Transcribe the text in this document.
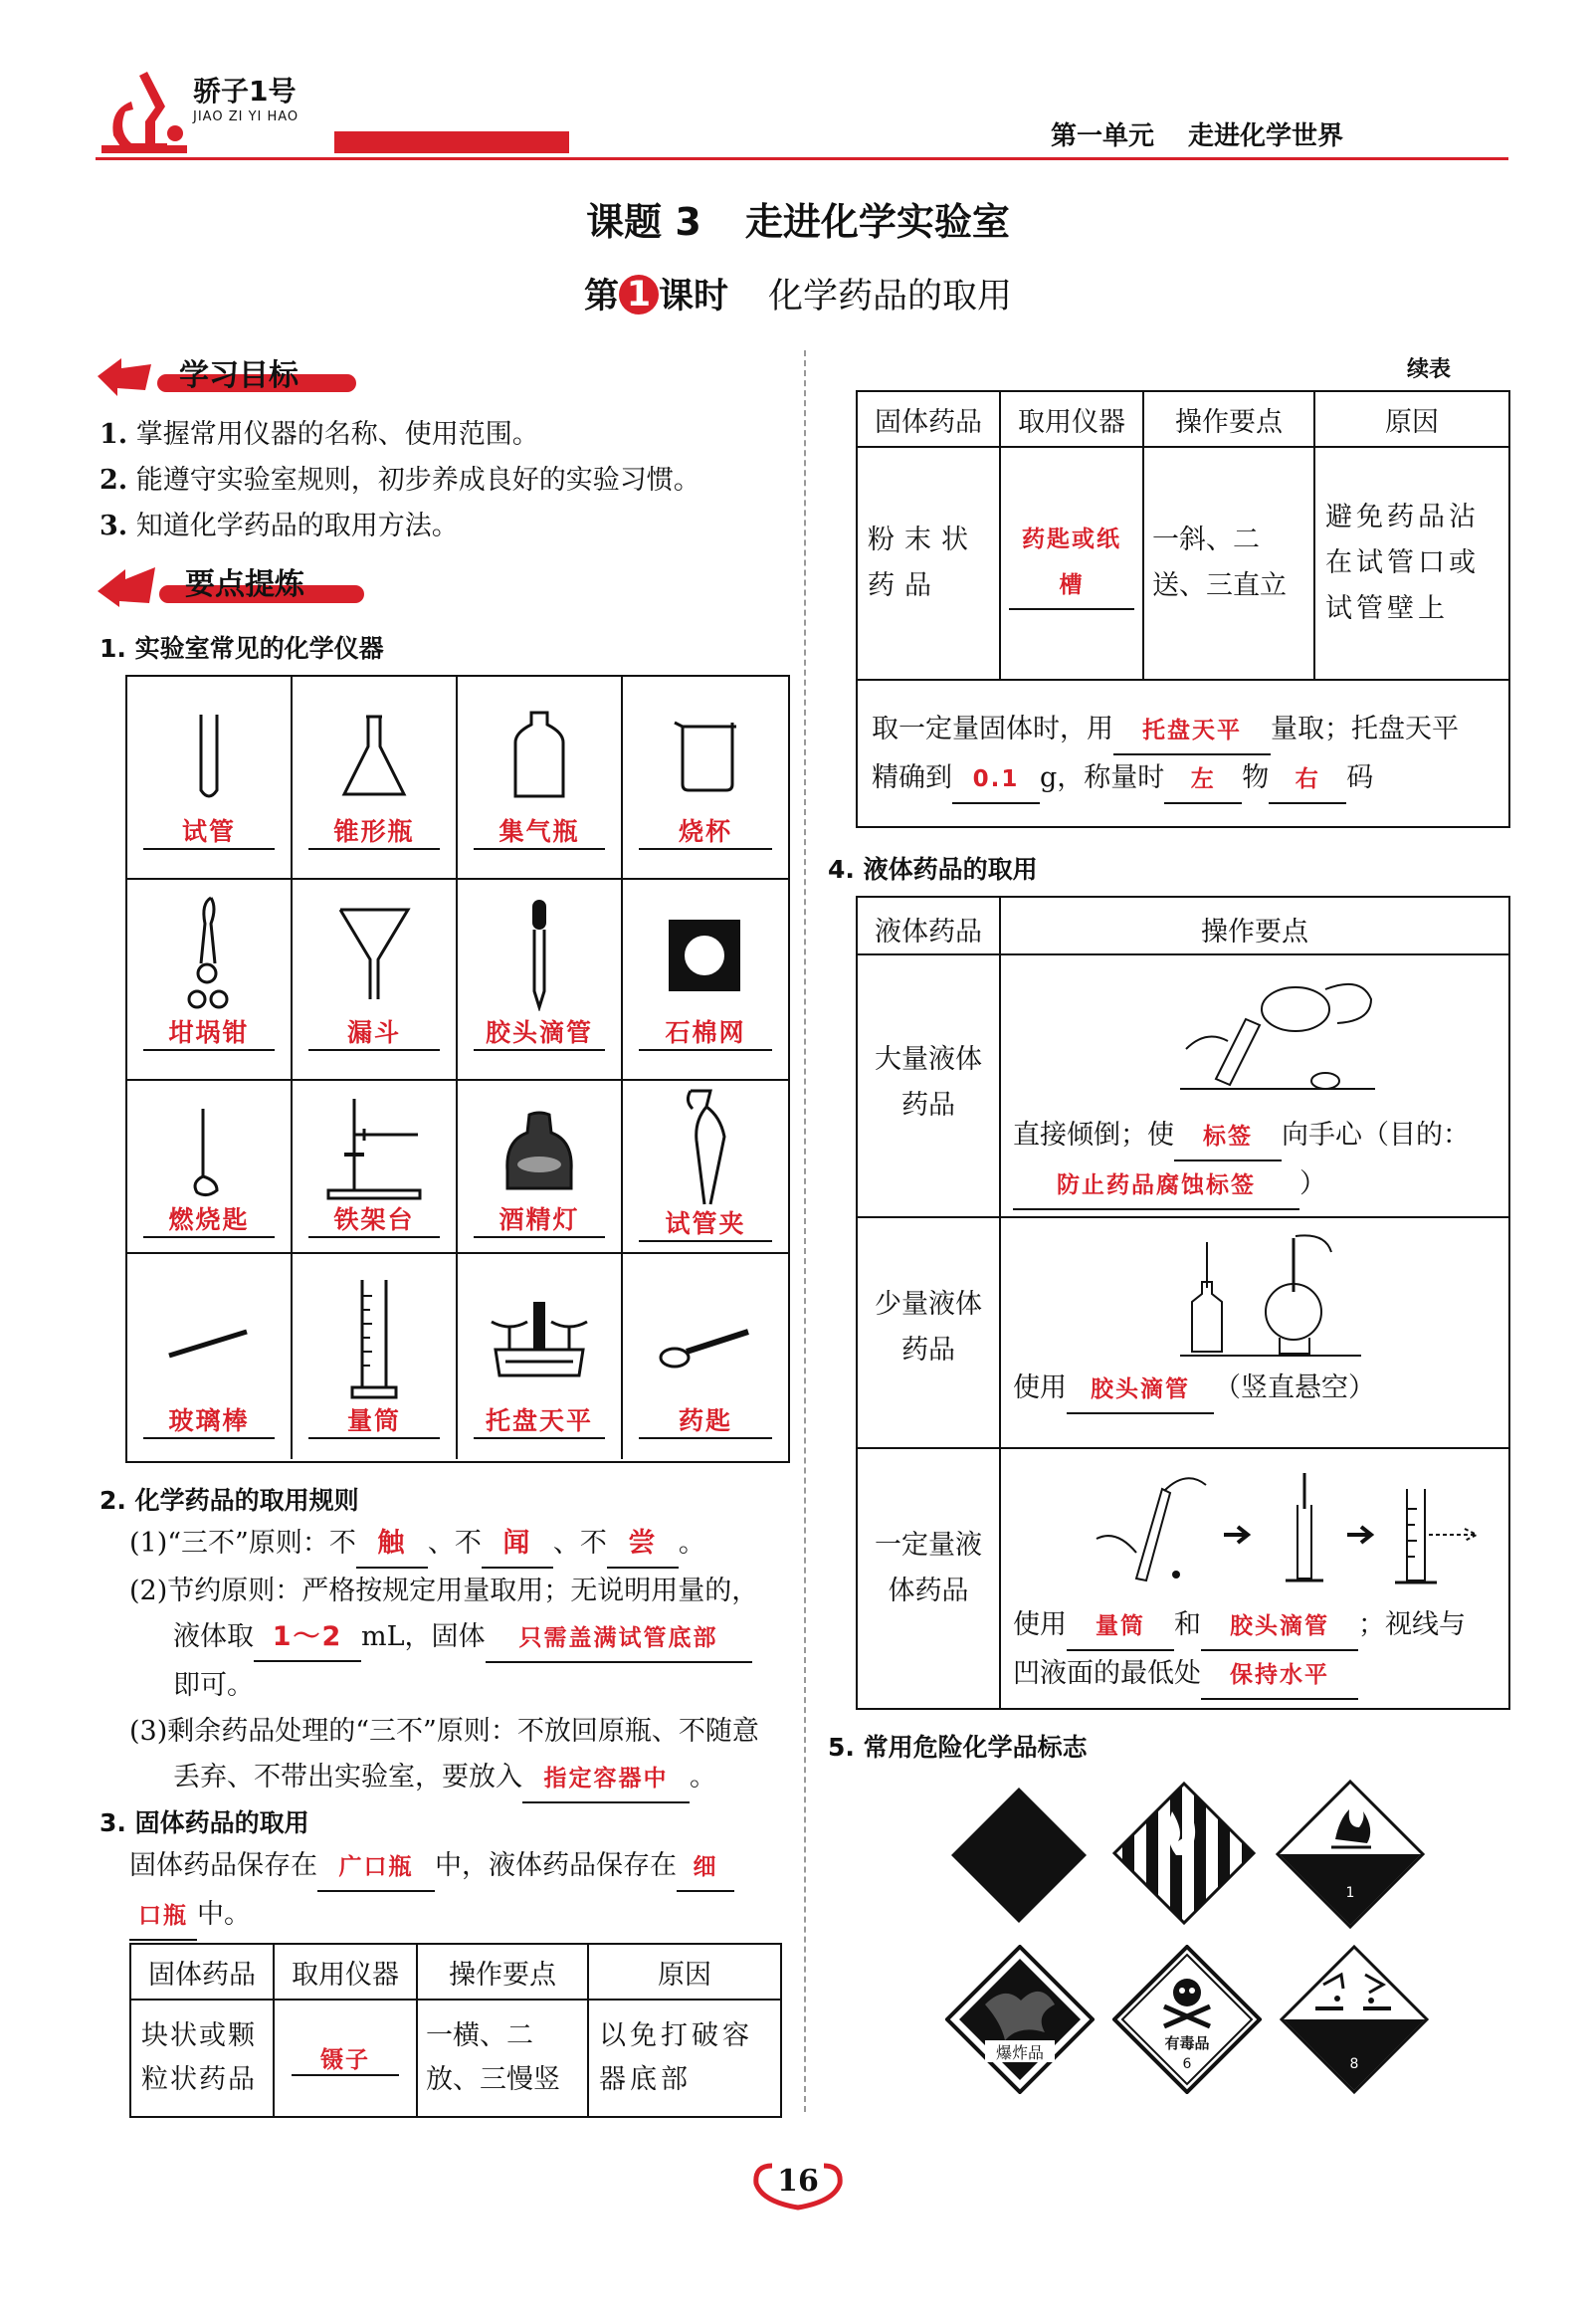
骄子1号
JIAO ZI YI HAO
第一单元 走进化学世界
课题 3 走进化学实验室
第 1 课时 化学药品的取用
学习目标
1. 掌握常用仪器的名称、使用范围。
2. 能遵守实验室规则，初步养成良好的实验习惯。
3. 知道化学药品的取用方法。
要点提炼
1. 实验室常见的化学仪器
试管	锥形瓶	集气瓶	烧杯
坩埚钳	漏斗	胶头滴管	石棉网
燃烧匙	铁架台	酒精灯	试管夹
玻璃棒	量筒	托盘天平	药匙
2. 化学药品的取用规则
(1)“三不”原则：不 触 、不 闻 、不 尝 。
(2)节约原则：严格按规定用量取用；无说明用量的，
液体取 1～2 mL，固体 只需盖满试管底部
即可。
(3)剩余药品处理的“三不”原则：不放回原瓶、不随意
丢弃、不带出实验室，要放入 指定容器中 。
3. 固体药品的取用
固体药品保存在 广口瓶 中，液体药品保存在 细
口瓶 中。
固体药品	取用仪器	操作要点	原因
块状或颗粒状药品	镊子	一横、二放、三慢竖	以免打破容器底部
续表
固体药品	取用仪器	操作要点	原因
粉末状药品	药匙或纸槽	一斜、二送、三直立	避免药品沾在试管口或试管壁上
取一定量固体时，用 托盘天平 量取；托盘天平
精确到 0.1 g，称量时 左 物 右 码
4. 液体药品的取用
液体药品	操作要点
大量液体药品
直接倾倒；使 标签 向手心（目的：
防止药品腐蚀标签 ）
少量液体药品
使用 胶头滴管 （竖直悬空）
一定量液体药品
使用 量筒 和 胶头滴管 ；视线与
凹液面的最低处 保持水平
5. 常用危险化学品标志
1
爆炸品	有毒品
6	8
16
